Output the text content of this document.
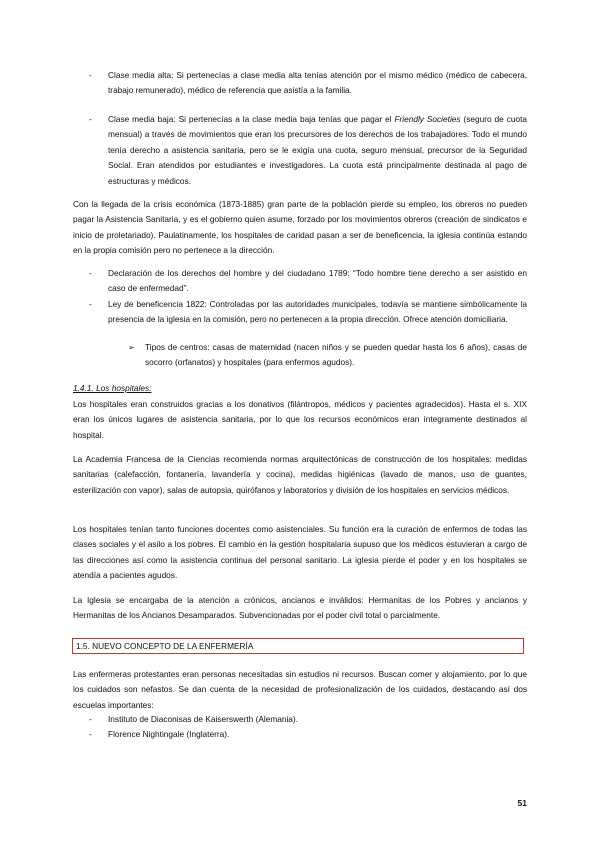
-	Clase media alta: Si pertenecías a clase media alta tenías atención por el mismo médico (médico de cabecera, trabajo remunerado), médico de referencia que asistía a la familia.
-	Clase media baja: Si pertenecías a la clase media baja tenías que pagar el Friendly Societies (seguro de cuota mensual) a través de movimientos que eran los precursores de los derechos de los trabajadores. Todo el mundo tenía derecho a asistencia sanitaria, pero se le exigía una cuota, seguro mensual, precursor de la Seguridad Social. Eran atendidos por estudiantes e investigadores. La cuota está principalmente destinada al pago de estructuras y médicos.
Con la llegada de la crisis económica (1873-1885) gran parte de la población pierde su empleo, los obreros no pueden pagar la Asistencia Sanitaria, y es el gobierno quien asume, forzado por los movimientos obreros (creación de sindicatos e inicio de proletariado). Paulatinamente, los hospitales de caridad pasan a ser de beneficencia, la iglesia continúa estando en la propia comisión pero no pertenece a la dirección.
-	Declaración de los derechos del hombre y del ciudadano 1789: “Todo hombre tiene derecho a ser asistido en caso de enfermedad”.
-	Ley de beneficencia 1822: Controladas por las autoridades municipales, todavía se mantiene simbólicamente la presencia de la iglesia en la comisión, pero no pertenecen a la propia dirección. Ofrece atención domiciliaria.
➢ Tipos de centros: casas de maternidad (nacen niños y se pueden quedar hasta los 6 años), casas de socorro (orfanatos) y hospitales (para enfermos agudos).
1.4.1. Los hospitales:
Los hospitales eran construidos gracias a los donativos (filántropos, médicos y pacientes agradecidos). Hasta el s. XIX eran los únicos lugares de asistencia sanitaria, por lo que los recursos económicos eran íntegramente destinados al hospital.
La Academia Francesa de la Ciencias recomienda normas arquitectónicas de construcción de los hospitales: medidas sanitarias (calefacción, fontanería, lavandería y cocina), medidas higiénicas (lavado de manos, uso de guantes, esterilización con vapor), salas de autopsia, quirófanos y laboratorios y división de los hospitales en servicios médicos.
Los hospitales tenían tanto funciones docentes como asistenciales. Su función era la curación de enfermos de todas las clases sociales y el asilo a los pobres. El cambio en la gestión hospitalaria supuso que los médicos estuvieran a cargo de las direcciones así como la asistencia continua del personal sanitario. La iglesia pierde el poder y en los hospitales se atendía a pacientes agudos.
La Iglesia se encargaba de la atención a crónicos, ancianos e inválidos: Hermanitas de los Pobres y ancianos y Hermanitas de los Ancianos Desamparados. Subvencionadas por el poder civil total o parcialmente.
1.5. NUEVO CONCEPTO DE LA ENFERMERÍA
Las enfermeras protestantes eran personas necesitadas sin estudios ni recursos. Buscan comer y alojamiento, por lo que los cuidados son nefastos. Se dan cuenta de la necesidad de profesionalización de los cuidados, destacando así dos escuelas importantes:
-	Instituto de Diaconisas de Kaiserswerth (Alemania).
-	Florence Nightingale (Inglaterra).
51
